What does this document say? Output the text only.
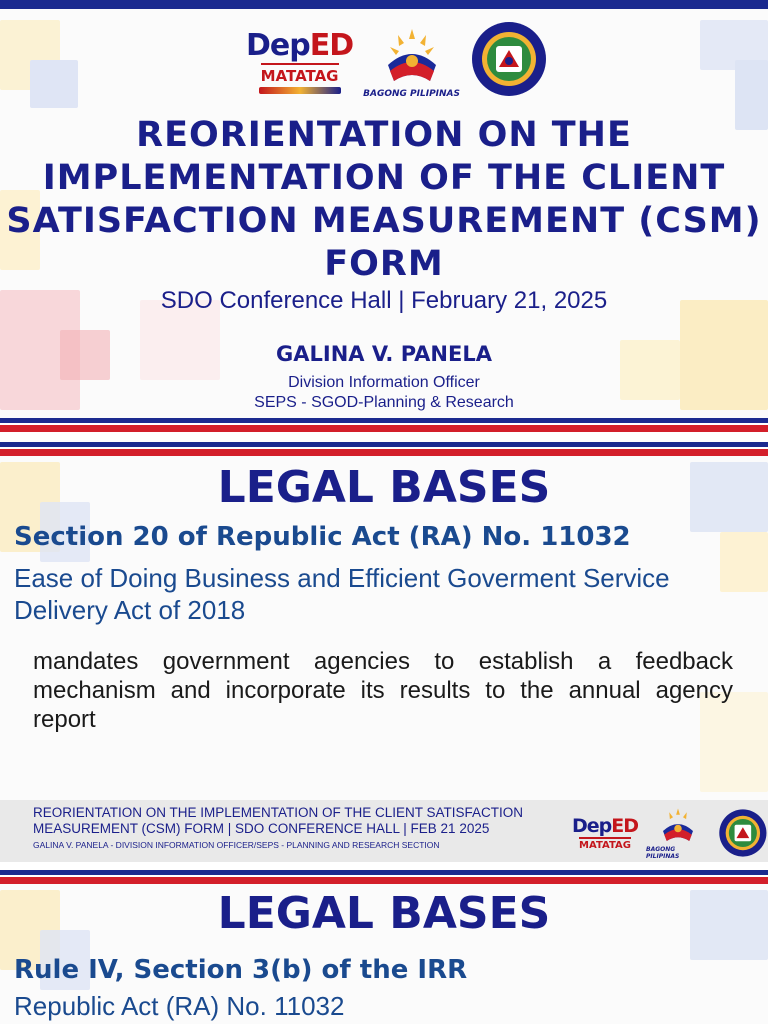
DepED
MATATAG
BAGONG PILIPINAS
REORIENTATION ON THE IMPLEMENTATION OF THE CLIENT SATISFACTION MEASUREMENT (CSM) FORM
SDO Conference Hall | February 21, 2025
GALINA V. PANELA
Division Information Officer
SEPS - SGOD-Planning & Research
LEGAL BASES
Section 20 of Republic Act (RA) No. 11032
Ease of Doing Business and Efficient Goverment Service Delivery Act of 2018
mandates government agencies to establish a feedback mechanism and incorporate its results to the annual agency report
REORIENTATION ON THE IMPLEMENTATION OF THE CLIENT SATISFACTION MEASUREMENT (CSM) FORM | SDO CONFERENCE HALL | FEB 21 2025
GALINA V. PANELA - DIVISION INFORMATION OFFICER/SEPS - PLANNING AND RESEARCH SECTION
DepED
MATATAG	BAGONG PILIPINAS
LEGAL BASES
Rule IV, Section 3(b) of the IRR
Republic Act (RA) No. 11032
